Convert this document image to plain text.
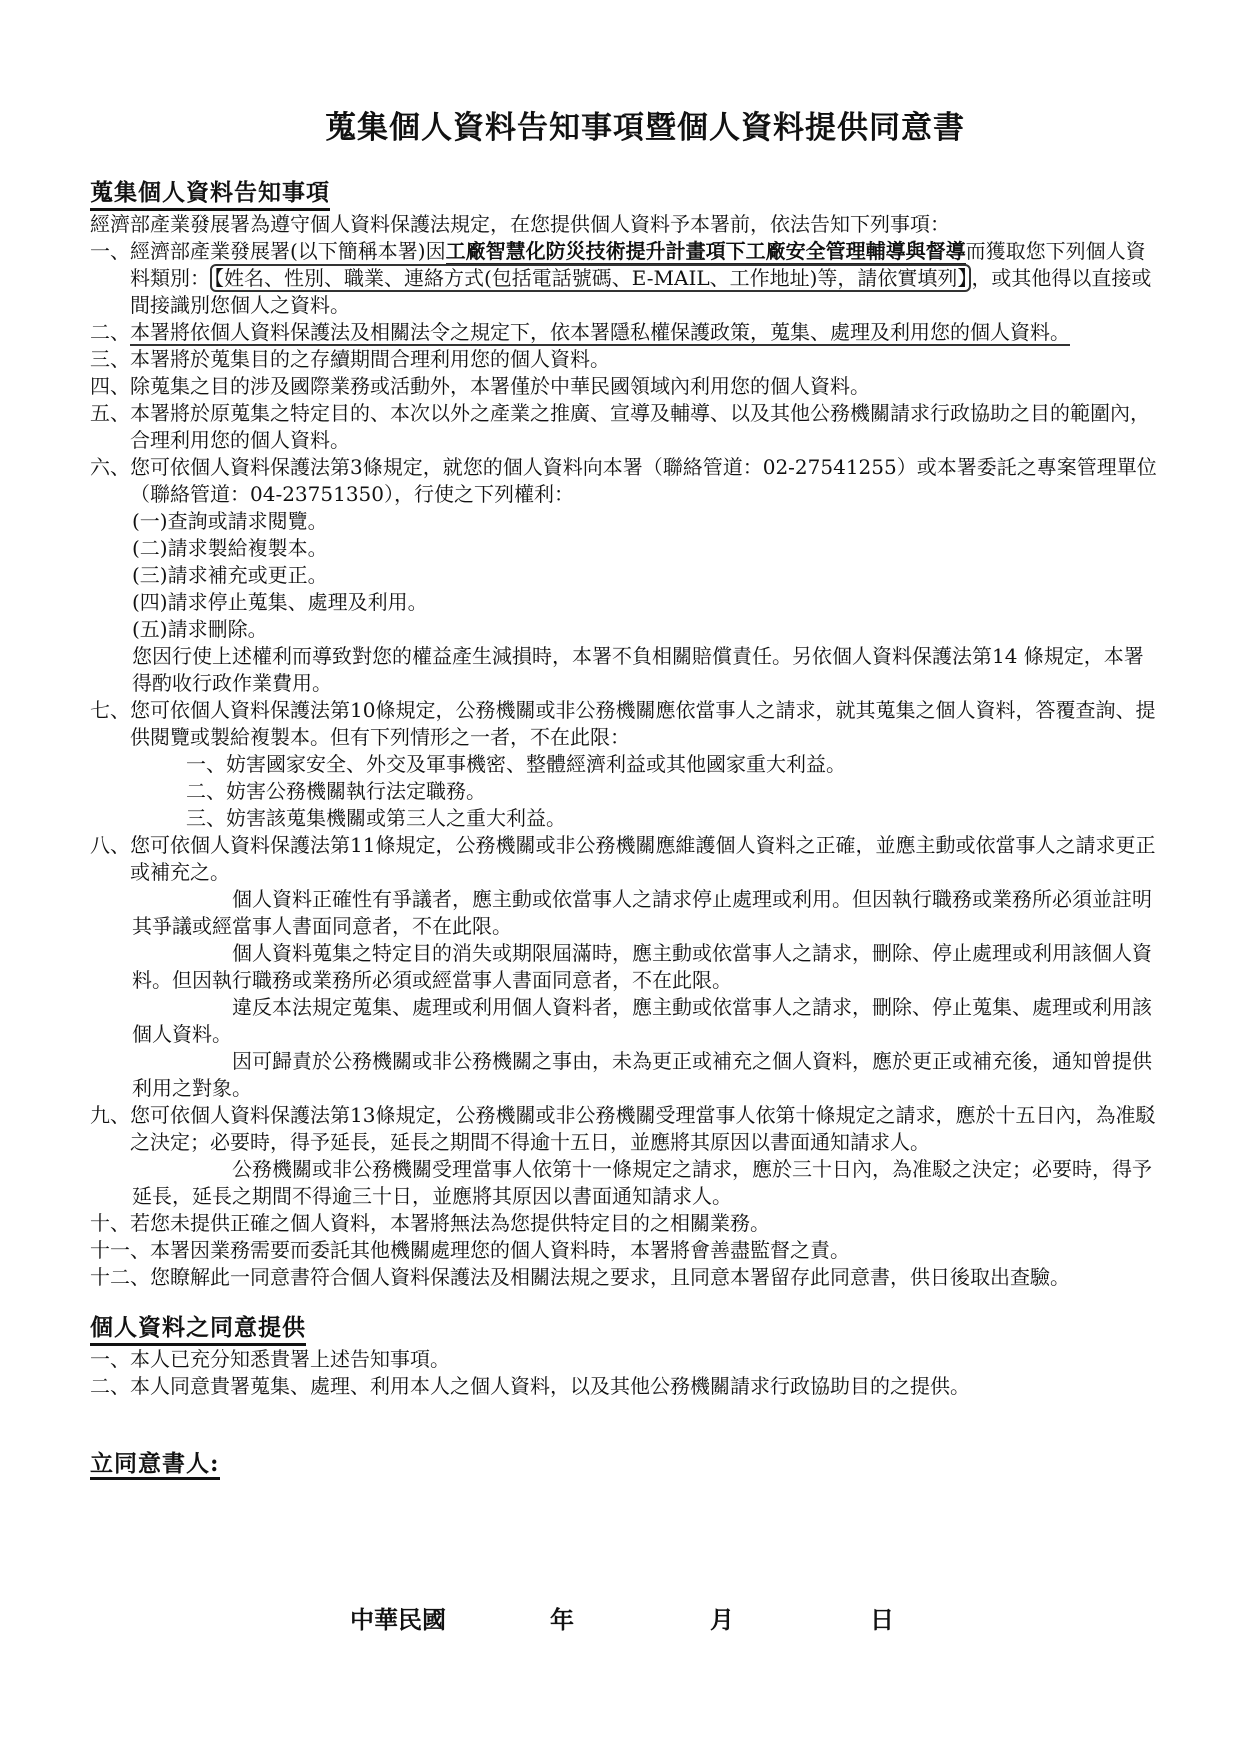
蒐集個人資料告知事項暨個人資料提供同意書
蒐集個人資料告知事項

經濟部產業發展署為遵守個人資料保護法規定，在您提供個人資料予本署前，依法告知下列事項：

一、 經濟部產業發展署(以下簡稱本署)因工廠智慧化防災技術提升計畫項下工廠安全管理輔導與督導而獲取您下列個人資料類別： 【姓名、性別、職業、連絡方式(包括電話號碼、E-MAIL、工作地址)等，請依實填列】 ，或其他得以直接或間接識別您個人之資料。
二、 本署將依個人資料保護法及相關法令之規定下，依本署隱私權保護政策，蒐集、處理及利用您的個人資料。
三、 本署將於蒐集目的之存續期間合理利用您的個人資料。
四、 除蒐集之目的涉及國際業務或活動外，本署僅於中華民國領域內利用您的個人資料。
五、 本署將於原蒐集之特定目的、本次以外之產業之推廣、宣導及輔導、以及其他公務機關請求行政協助之目的範圍內，合理利用您的個人資料。
六、 您可依個人資料保護法第3條規定，就您的個人資料向本署（聯絡管道：02-27541255）或本署委託之專案管理單位（聯絡管道：04-23751350），行使之下列權利：
(一)查詢或請求閱覽。
(二)請求製給複製本。
(三)請求補充或更正。
(四)請求停止蒐集、處理及利用。
(五)請求刪除。
您因行使上述權利而導致對您的權益產生減損時，本署不負相關賠償責任。另依個人資料保護法第14 條規定，本署得酌收行政作業費用。
七、 您可依個人資料保護法第10條規定，公務機關或非公務機關應依當事人之請求，就其蒐集之個人資料，答覆查詢、提供閱覽或製給複製本。但有下列情形之一者，不在此限：
一、妨害國家安全、外交及軍事機密、整體經濟利益或其他國家重大利益。
二、妨害公務機關執行法定職務。
三、妨害該蒐集機關或第三人之重大利益。
八、 您可依個人資料保護法第11條規定，公務機關或非公務機關應維護個人資料之正確，並應主動或依當事人之請求更正或補充之。

個人資料正確性有爭議者，應主動或依當事人之請求停止處理或利用。但因執行職務或業務所必須並註明其爭議或經當事人書面同意者，不在此限。

個人資料蒐集之特定目的消失或期限屆滿時，應主動或依當事人之請求，刪除、停止處理或利用該個人資料。但因執行職務或業務所必須或經當事人書面同意者，不在此限。

違反本法規定蒐集、處理或利用個人資料者，應主動或依當事人之請求，刪除、停止蒐集、處理或利用該個人資料。

因可歸責於公務機關或非公務機關之事由，未為更正或補充之個人資料，應於更正或補充後，通知曾提供利用之對象。

九、 您可依個人資料保護法第13條規定，公務機關或非公務機關受理當事人依第十條規定之請求，應於十五日內，為准駁之決定；必要時，得予延長，延長之期間不得逾十五日，並應將其原因以書面通知請求人。

公務機關或非公務機關受理當事人依第十一條規定之請求，應於三十日內，為准駁之決定；必要時，得予延長，延長之期間不得逾三十日，並應將其原因以書面通知請求人。

十、 若您未提供正確之個人資料，本署將無法為您提供特定目的之相關業務。
十一、 本署因業務需要而委託其他機關處理您的個人資料時，本署將會善盡監督之責。
十二、 您瞭解此一同意書符合個人資料保護法及相關法規之要求，且同意本署留存此同意書，供日後取出查驗。
個人資料之同意提供
一、 本人已充分知悉貴署上述告知事項。
二、 本人同意貴署蒐集、處理、利用本人之個人資料，以及其他公務機關請求行政協助目的之提供。
立同意書人:
中華民國	年	月	日
